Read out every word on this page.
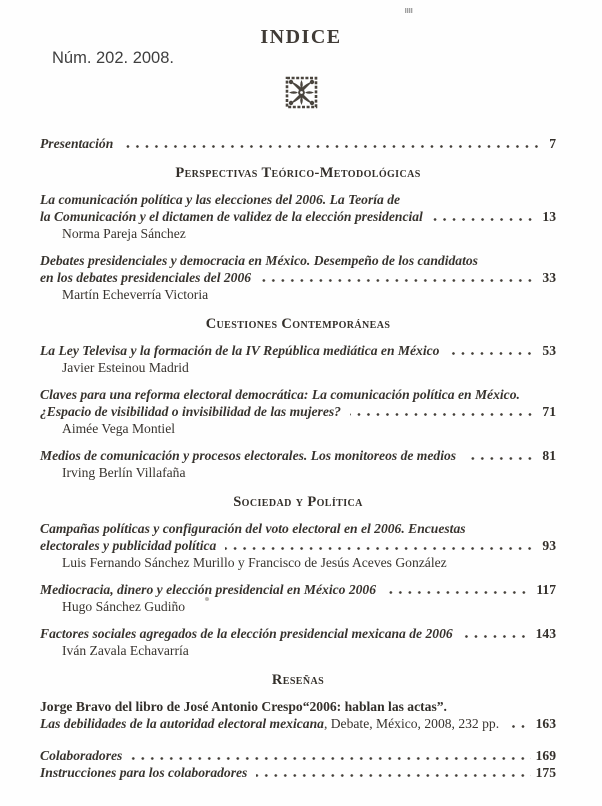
INDICE
Núm. 202. 2008.
Presentación	7
Perspectivas Teórico-Metodológicas
La comunicación política y las elecciones del 2006. La Teoría de
la Comunicación y el dictamen de validez de la elección presidencial	13
Norma Pareja Sánchez
Debates presidenciales y democracia en México. Desempeño de los candidatos
en los debates presidenciales del 2006	33
Martín Echeverría Victoria
Cuestiones Contemporáneas
La Ley Televisa y la formación de la IV República mediática en México	53
Javier Esteinou Madrid
Claves para una reforma electoral democrática: La comunicación política en México.
¿Espacio de visibilidad o invisibilidad de las mujeres?	71
Aimée Vega Montiel
Medios de comunicación y procesos electorales. Los monitoreos de medios	81
Irving Berlín Villafaña
Sociedad y Política
Campañas políticas y configuración del voto electoral en el 2006. Encuestas
electorales y publicidad política	93
Luis Fernando Sánchez Murillo y Francisco de Jesús Aceves González
Mediocracia, dinero y elección presidencial en México 2006	117
Hugo Sánchez Gudiño
Factores sociales agregados de la elección presidencial mexicana de 2006	143
Iván Zavala Echavarría
Reseñas
Jorge Bravo del libro de José Antonio Crespo“2006: hablan las actas”.
Las debilidades de la autoridad electoral mexicana, Debate, México, 2008, 232 pp.	163
Colaboradores	169
Instrucciones para los colaboradores	175
